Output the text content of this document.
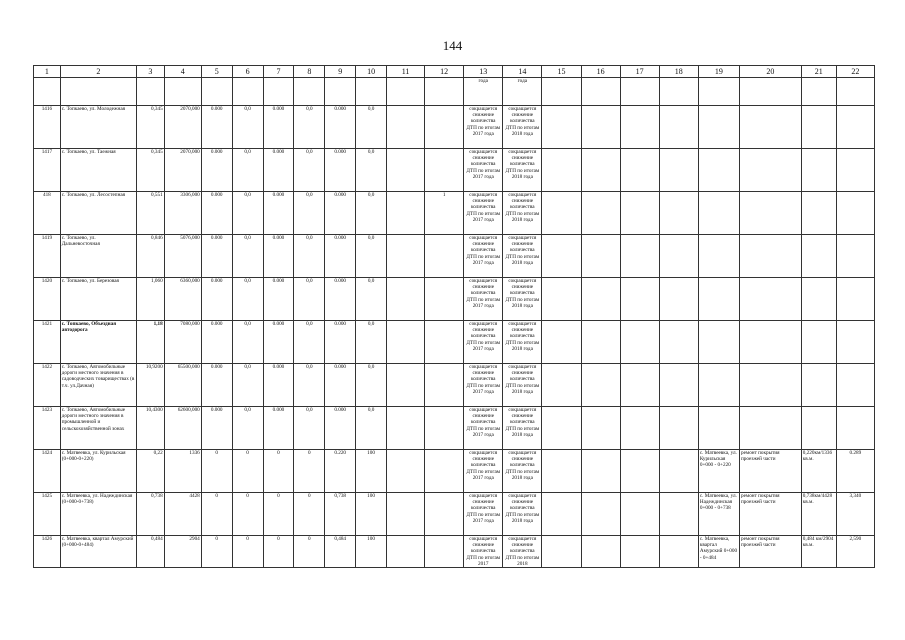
144
1	2	3	4	5	6	7	8	9	10	11	12	13	14	15	16	17	18	19	20	21	22
												года	года								
1416	с. Топкаево, ул. Молодежная	0,345	2070,000	0.000	0,0	0.000	0,0	0.000	0,0			сокращается снижение количества ДТП по итогам 2017 года	сокращается снижение количества ДТП по итогам 2018 года								
1417	с. Топкаево, ул. Таежная	0,345	2070,000	0.000	0,0	0.000	0,0	0.000	0,0			сокращается снижение количества ДТП по итогам 2017 года	сокращается снижение количества ДТП по итогам 2018 года								
418	с. Топкаево, ул. Лесостепная	0,551	3306,000	0.000	0,0	0.000	0,0	0.000	0,0		1	сокращается снижение количества ДТП по итогам 2017 года	сокращается снижение количества ДТП по итогам 2018 года								
1419	с. Топкаево, ул. Дальневосточная	0,846	5076,000	0.000	0,0	0.000	0,0	0.000	0,0			сокращается снижение количества ДТП по итогам 2017 года	сокращается снижение количества ДТП по итогам 2018 года								
1420	с. Топкаево, ул. Березовая	1,060	6360,000	0.000	0,0	0.000	0,0	0.000	0,0			сокращается снижение количества ДТП по итогам 2017 года	сокращается снижение количества ДТП по итогам 2018 года								
1421	с. Топкаево, Объездная автодорога	1,18	7080,000	0.000	0,0	0.000	0,0	0.000	0,0			сокращается снижение количества ДТП по итогам 2017 года	сокращается снижение количества ДТП по итогам 2018 года								
1422	с. Топкаево, Автомобильные дороги местного значения в садоводческих товариществах (в т.ч. ул.Дачная)	10,9200	65500,000	0.000	0,0	0.000	0,0	0.000	0,0			сокращается снижение количества ДТП по итогам 2017 года	сокращается снижение количества ДТП по итогам 2018 года								
1423	с. Топкаево, Автомобильные дороги местного значения в промышленной и сельскохозяйственной зонах	10,4300	62600,000	0.000	0,0	0.000	0,0	0.000	0,0			сокращается снижение количества ДТП по итогам 2017 года	сокращается снижение количества ДТП по итогам 2018 года								
1424	с. Матвеевка, ул. Курильская (0+000-0+220)	0,22	1336	0	0	0	0	0.220	100			сокращается снижение количества ДТП по итогам 2017 года	сокращается снижение количества ДТП по итогам 2018 года					с. Матвеевка, ул. Курильская 0+000 - 0+220	ремонт покрытия проезжей части	0,220км/1336 кв.м.	0.289
1425	с. Матвеевка, ул. Надеждинская (0+000-0+738)	0,738	4428	0	0	0	0	0,738	100			сокращается снижение количества ДТП по итогам 2017 года	сокращается снижение количества ДТП по итогам 2018 года					с. Матвеевка, ул. Надеждинская 0+000 - 0+738	ремонт покрытия проезжей части	0,738км/4428 кв.м.	3,340
1426	с. Матвеевка, квартал Амурский (0+000-0+484)	0,484	2904	0	0	0	0	0,484	100			сокращается снижение количества ДТП по итогам 2017	сокращается снижение количества ДТП по итогам 2018					с. Матвеевка, квартал Амурский 0+000 - 0+484	ремонт покрытия проезжей части	0,484 км/2904 кв.м.	2,590
